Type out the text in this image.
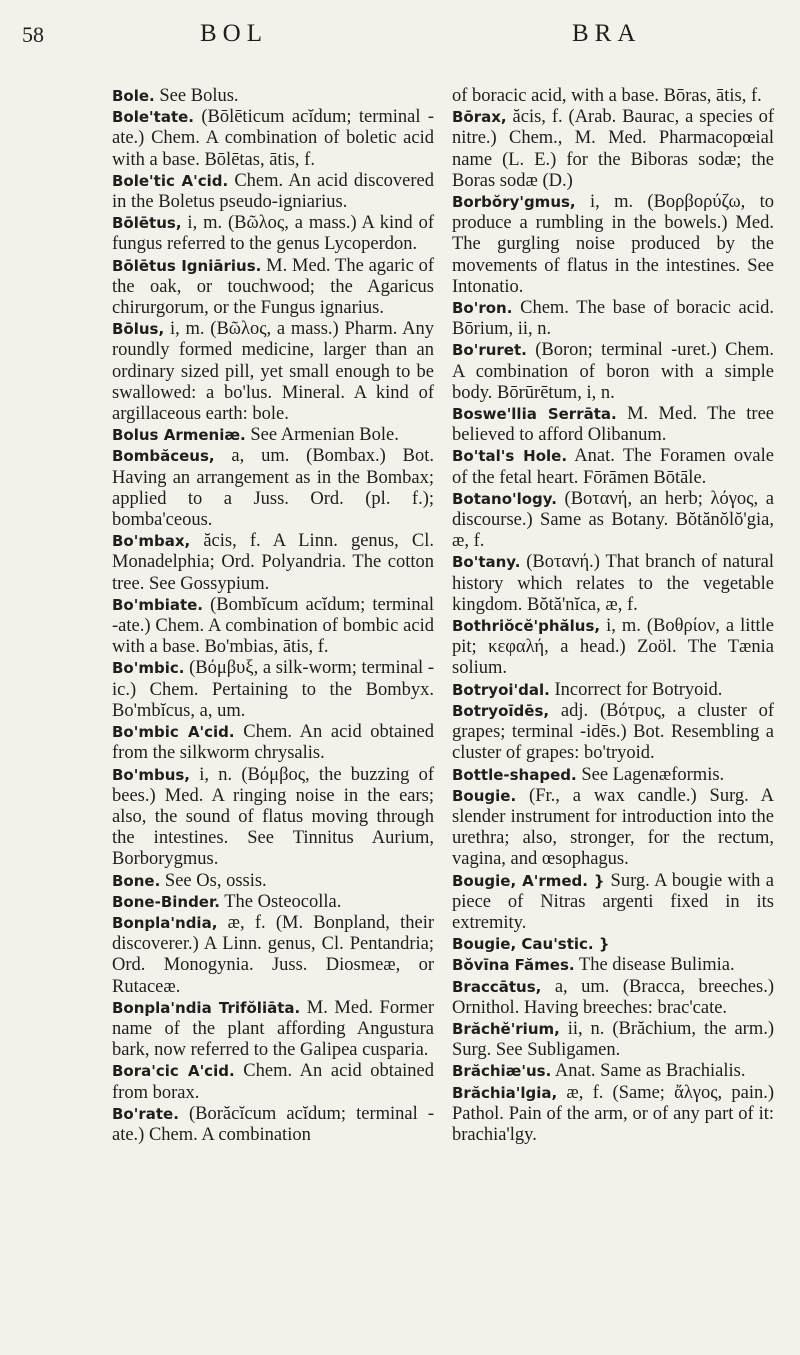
58	BOL	BRA

Bole. See Bolus.

Bole'tate. (Bōlēticum acĭdum; terminal -ate.) Chem. A combination of boletic acid with a base. Bōlētas, ātis, f.

Bole'tic A'cid. Chem. An acid discovered in the Boletus pseudo-igniarius.

Bōlētus, i, m. (Βῶλος, a mass.) A kind of fungus referred to the genus Lycoperdon.

Bōlētus Igniārius. M. Med. The agaric of the oak, or touchwood; the Agaricus chirurgorum, or the Fungus ignarius.

Bōlus, i, m. (Βῶλος, a mass.) Pharm. Any roundly formed medicine, larger than an ordinary sized pill, yet small enough to be swallowed: a bo'lus. Mineral. A kind of argillaceous earth: bole.

Bolus Armeniæ. See Armenian Bole.

Bombăceus, a, um. (Bombax.) Bot. Having an arrangement as in the Bombax; applied to a Juss. Ord. (pl. f.); bomba'ceous.

Bo'mbax, ăcis, f. A Linn. genus, Cl. Monadelphia; Ord. Polyandria. The cotton tree. See Gossypium.

Bo'mbiate. (Bombĭcum acĭdum; terminal -ate.) Chem. A combination of bombic acid with a base. Bo'mbias, ātis, f.

Bo'mbic. (Βόμβυξ, a silk-worm; terminal -ic.) Chem. Pertaining to the Bombyx. Bo'mbĭcus, a, um.

Bo'mbic A'cid. Chem. An acid obtained from the silkworm chrysalis.

Bo'mbus, i, n. (Βόμβος, the buzzing of bees.) Med. A ringing noise in the ears; also, the sound of flatus moving through the intestines. See Tinnitus Aurium, Borborygmus.

Bone. See Os, ossis.

Bone-Binder. The Osteocolla.

Bonpla'ndia, æ, f. (M. Bonpland, their discoverer.) A Linn. genus, Cl. Pentandria; Ord. Monogynia. Juss. Diosmeæ, or Rutaceæ.

Bonpla'ndia Trifŏliāta. M. Med. Former name of the plant affording Angustura bark, now referred to the Galipea cusparia.

Bora'cic A'cid. Chem. An acid obtained from borax.

Bo'rate. (Borăcĭcum acĭdum; terminal -ate.) Chem. A combination

of boracic acid, with a base. Bōras, ātis, f.

Bōrax, ăcis, f. (Arab. Baurac, a species of nitre.) Chem., M. Med. Pharmacopœial name (L. E.) for the Biboras sodæ; the Boras sodæ (D.)

Borbŏry'gmus, i, m. (Βορβορύζω, to produce a rumbling in the bowels.) Med. The gurgling noise produced by the movements of flatus in the intestines. See Intonatio.

Bo'ron. Chem. The base of boracic acid. Bōrium, ii, n.

Bo'ruret. (Boron; terminal -uret.) Chem. A combination of boron with a simple body. Bōrūrētum, i, n.

Boswe'llia Serrāta. M. Med. The tree believed to afford Olibanum.

Bo'tal's Hole. Anat. The Foramen ovale of the fetal heart. Fōrāmen Bōtāle.

Botano'logy. (Βοτανή, an herb; λόγος, a discourse.) Same as Botany. Bŏtănŏlŏ'gia, æ, f.

Bo'tany. (Βοτανή.) That branch of natural history which relates to the vegetable kingdom. Bŏtă'nĭca, æ, f.

Bothriŏcĕ'phălus, i, m. (Βοθρίον, a little pit; κεφαλή, a head.) Zoöl. The Tænia solium.

Botryoi'dal. Incorrect for Botryoid.

Botryoīdēs, adj. (Βότρυς, a cluster of grapes; terminal -idēs.) Bot. Resembling a cluster of grapes: bo'tryoid.

Bottle-shaped. See Lagenæformis.

Bougie. (Fr., a wax candle.) Surg. A slender instrument for introduction into the urethra; also, stronger, for the rectum, vagina, and œsophagus.

Bougie, A'rmed. } Surg. A bougie with a piece of Nitras argenti fixed in its extremity.

Bougie, Cau'stic. }

Bŏvīna Fămes. The disease Bulimia.

Braccātus, a, um. (Bracca, breeches.) Ornithol. Having breeches: brac'cate.

Brăchĕ'rium, ii, n. (Brăchium, the arm.) Surg. See Subligamen.

Brăchiæ'us. Anat. Same as Brachialis.

Brăchia'lgia, æ, f. (Same; ἄλγος, pain.) Pathol. Pain of the arm, or of any part of it: brachia'lgy.
